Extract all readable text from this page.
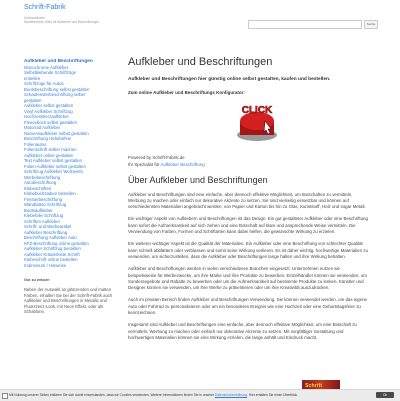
Schrift-Fabrik
Unbezahlbarer
Werbetechnik. Alles für Aufkleber und Beschriftungen	Suche
Aufkleber und Beschriftungen
Monochrome Aufkleber
Selbstklebende Schriftzüge
erstellen
Schriftzüge für Autos
Bootsbeschriftung selbst gestalten
Schaufensterbeschriftung selber
gestalten
Aufkleber selbst gestalten
Vinyl Aufkleber Schriftzug
Hochzeitsherzaufkleber
Fleecebock selbst gestalten
Motorrad Aufkleber
Namensaufkleber selbst gestalten
Beschriftung Hebebühne
Folienautos
Folienschrift selber machen
Aufkleber online gestalten
Text Aufkleber selbst gestalten
Folien Aufkleber selbst gestalten
Schriftzug Aufkleber Werbeinfo
Werbebeschriftung
Autobeschriftung
Klebeschriften
Klebebuchstaben bestellen
Fensterbeschriftung
Wandtattoo Schriftzug
Bootsaufkleber
Klebefolie Schriftzug
Schriften Aufkleber
Schrift- und Werbeartikel
Aufkleber Beschriftung
Beschriftung Aufkleber Auto
KFZ-Beschriftung online gestalten
Aufkleber Schriftzug bestellen
Aufkleber Kräuterkiste Schrift
Klebeschrift online bestellen
Impressum / Hinweise
Gut zu wissen
Neben der Auswahl an glänzenden und matten Farben, erhalten Sie bei der Schrift-Fabrik auch Aufkleber und Beschriftungen in Metallic und Fluorszenz-Look, mit Neon Effekt, oder als Schablone.
Aufkleber und Beschriftungen
Aufkleber und Beschriftungen hier günstig online selbst gestalten, kaufen und bestellen.
Zum online Aufkleber und Beschriftungs Konfigurator:
CLICK
Powered by Schrift-Fabrik.de
Ihr Spezialist für Aufkleber Beschriftung
Über Aufkleber und Beschriftungen
Aufkleber und Beschriftungen sind eine einfache, aber dennoch effektive Möglichkeit, um Botschaften zu vermitteln, Werbung zu machen oder einfach nur dekorative Akzente zu setzen. Sie sind vielseitig einsetzbar und können auf verschiedensten Materialien angebracht werden, von Papier und Karton bis hin zu Glas, Kunststoff, Holz und sogar Metall.
Ein wichtiger Aspekt von Aufklebern und Beschriftungen ist das Design. Ein gut gestalteter Aufkleber oder eine Beschriftung kann sofort die Aufmerksamkeit auf sich ziehen und eine Botschaft auf klare und ansprechende Weise vermitteln. Die Verwendung von Farben, Formen und Schriftarten kann dabei helfen, die gewünschte Wirkung zu erzielen.
Ein weiterer wichtiger Aspekt ist die Qualität der Materialien. Ein Aufkleber oder eine Beschriftung von schlechter Qualität kann schnell abblättern oder verblassen und somit seine Wirkung verlieren. Es ist daher wichtig, hochwertige Materialien zu verwenden, um sicherzustellen, dass die Aufkleber oder Beschriftungen lange halten und ihre Wirkung behalten.
Aufkleber und Beschriftungen werden in vielen verschiedenen Branchen eingesetzt. Unternehmen nutzen sie beispielsweise für Werbezwecke, um ihre Marke und ihre Produkte zu bewerben. Einzelhändler können sie verwenden, um Sonderangebote und Rabatte zu bewerben oder um die Aufmerksamkeit auf bestimmte Produkte zu lenken. Künstler und Designer können sie verwenden, um ihre Werke zu präsentieren oder um ihre Kreativität auszudrücken.
Auch im privaten Bereich finden Aufkleber und Beschriftungen Verwendung. Sie können verwendet werden, um das eigene Auto oder Fahrrad zu personalisieren oder um ein besonderes Ereignis wie eine Hochzeit oder eine Geburtstagsfeier zu kennzeichnen.
Insgesamt sind Aufkleber und Beschriftungen eine einfache, aber dennoch effektive Möglichkeit, um eine Botschaft zu vermitteln, Werbung zu machen oder einfach nur dekorative Akzente zu setzen. Mit sorgfältiger Gestaltung und hochwertigen Materialien können sie eine Wirkung erzielen, die lange anhält und Eindruck macht.
Schrift
Mit Nutzung unserer Seiten erklären Sie sich damit einverstanden, dass wir Cookies verwenden. Weitere Informationen finden Sie in unserer Datenschutzerklärung. Hier erhalten Sie einen Überblick.	Ok
